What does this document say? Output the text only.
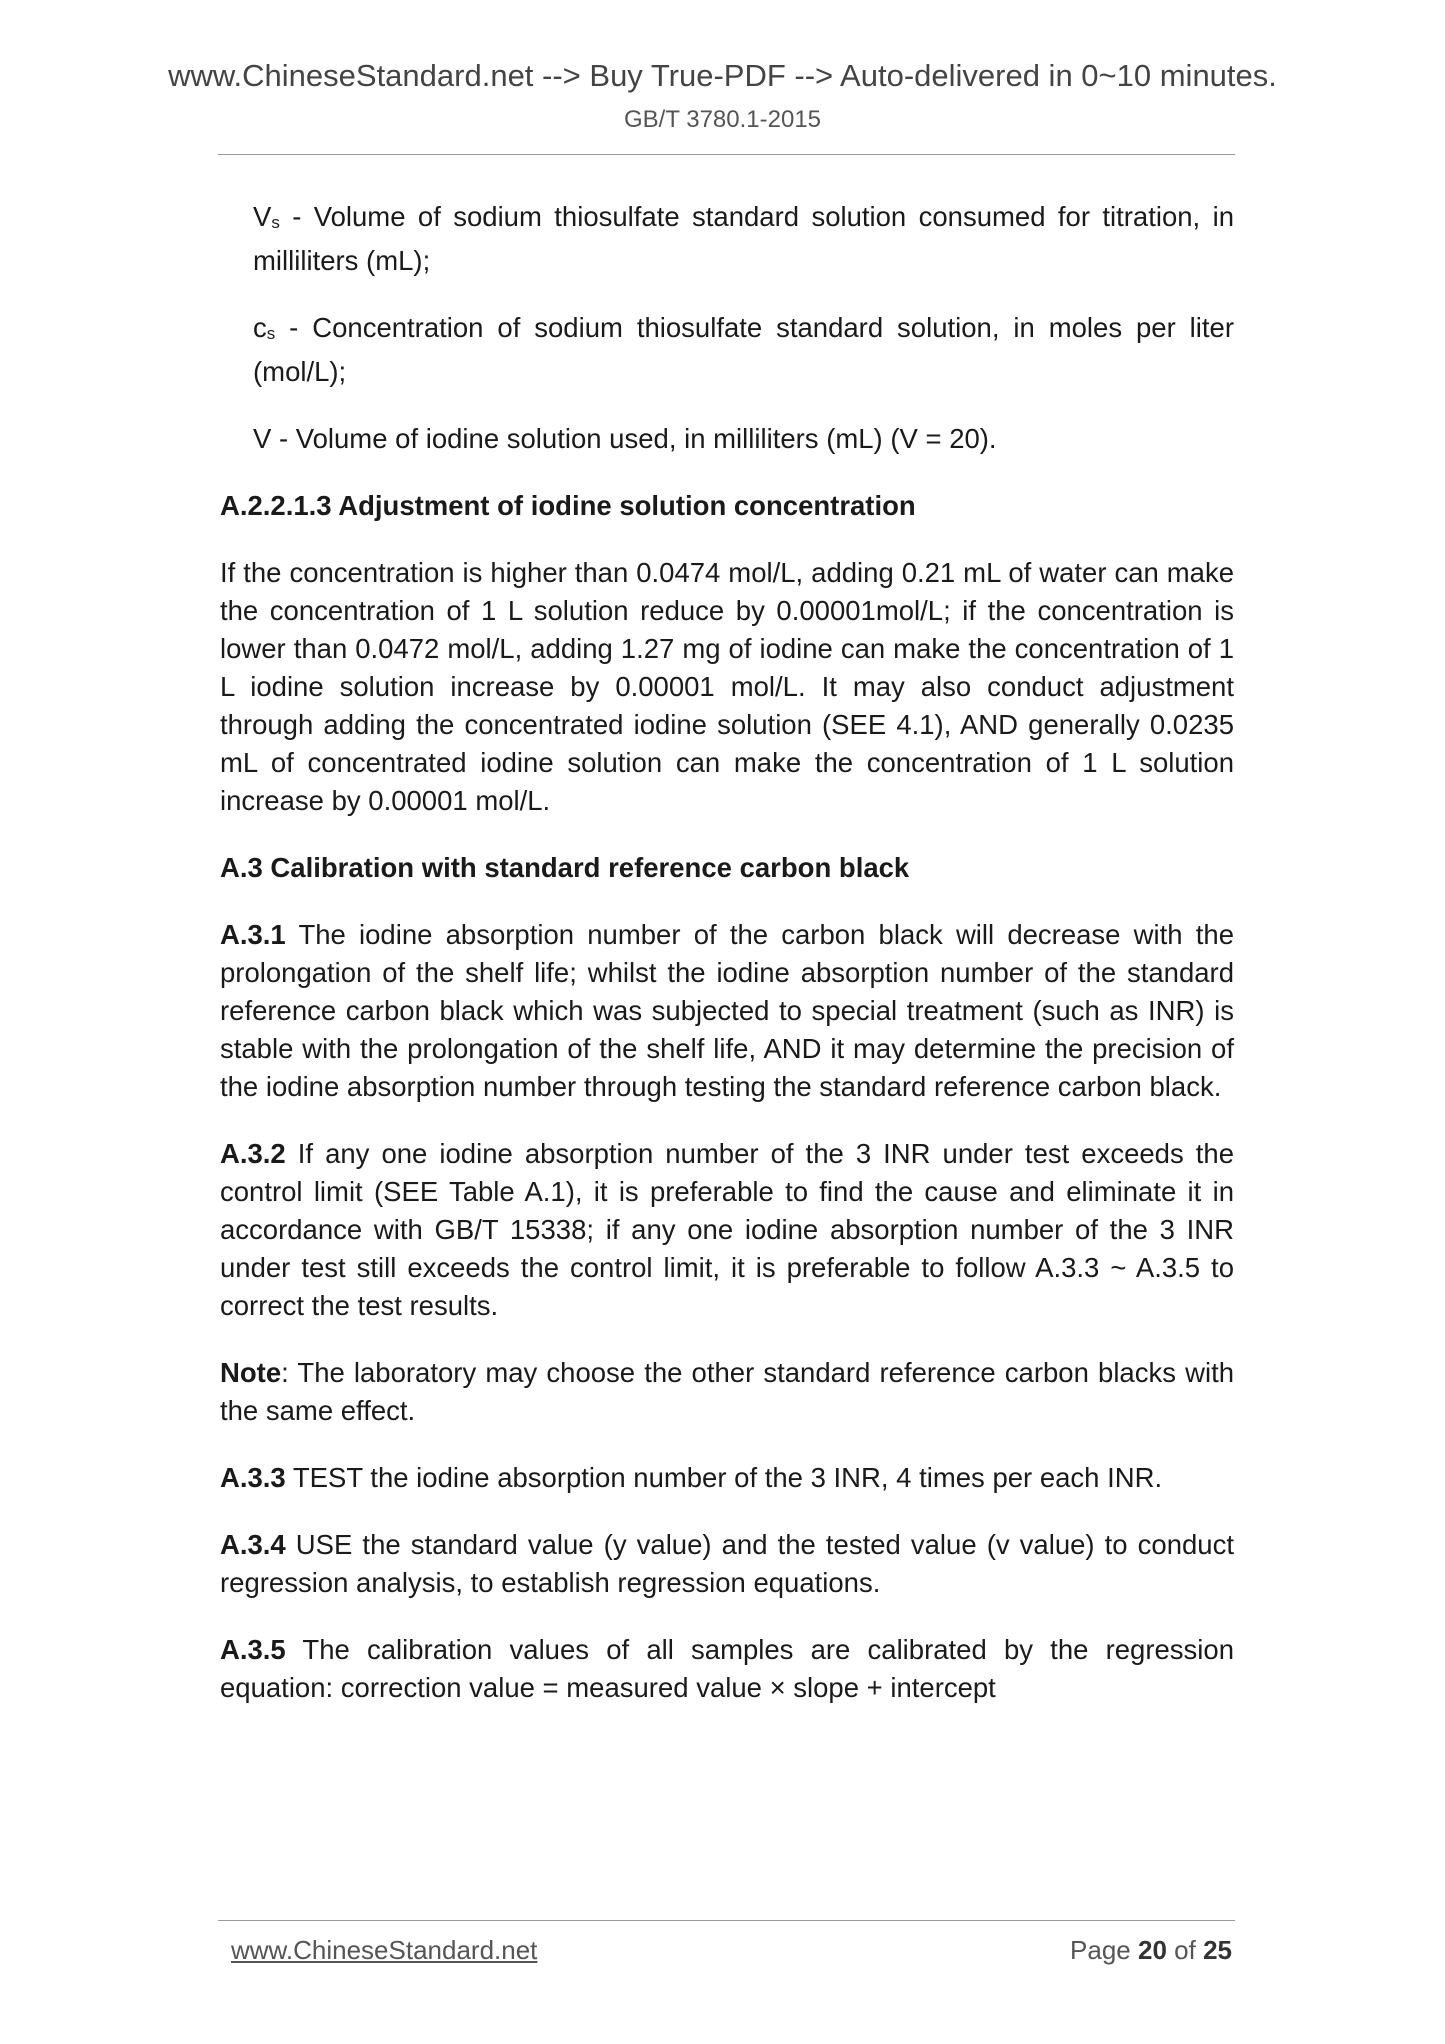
www.ChineseStandard.net --> Buy True-PDF --> Auto-delivered in 0~10 minutes.
GB/T 3780.1-2015

Vs - Volume of sodium thiosulfate standard solution consumed for titration, in milliliters (mL);

cs - Concentration of sodium thiosulfate standard solution, in moles per liter (mol/L);

V - Volume of iodine solution used, in milliliters (mL) (V = 20).

A.2.2.1.3 Adjustment of iodine solution concentration

If the concentration is higher than 0.0474 mol/L, adding 0.21 mL of water can make the concentration of 1 L solution reduce by 0.00001mol/L; if the concentration is lower than 0.0472 mol/L, adding 1.27 mg of iodine can make the concentration of 1 L iodine solution increase by 0.00001 mol/L. It may also conduct adjustment through adding the concentrated iodine solution (SEE 4.1), AND generally 0.0235 mL of concentrated iodine solution can make the concentration of 1 L solution increase by 0.00001 mol/L.

A.3 Calibration with standard reference carbon black

A.3.1 The iodine absorption number of the carbon black will decrease with the prolongation of the shelf life; whilst the iodine absorption number of the standard reference carbon black which was subjected to special treatment (such as INR) is stable with the prolongation of the shelf life, AND it may determine the precision of the iodine absorption number through testing the standard reference carbon black.

A.3.2 If any one iodine absorption number of the 3 INR under test exceeds the control limit (SEE Table A.1), it is preferable to find the cause and eliminate it in accordance with GB/T 15338; if any one iodine absorption number of the 3 INR under test still exceeds the control limit, it is preferable to follow A.3.3 ~ A.3.5 to correct the test results.

Note: The laboratory may choose the other standard reference carbon blacks with the same effect.

A.3.3 TEST the iodine absorption number of the 3 INR, 4 times per each INR.

A.3.4 USE the standard value (y value) and the tested value (v value) to conduct regression analysis, to establish regression equations.

A.3.5 The calibration values of all samples are calibrated by the regression equation: correction value = measured value × slope + intercept

www.ChineseStandard.net	Page 20 of 25
